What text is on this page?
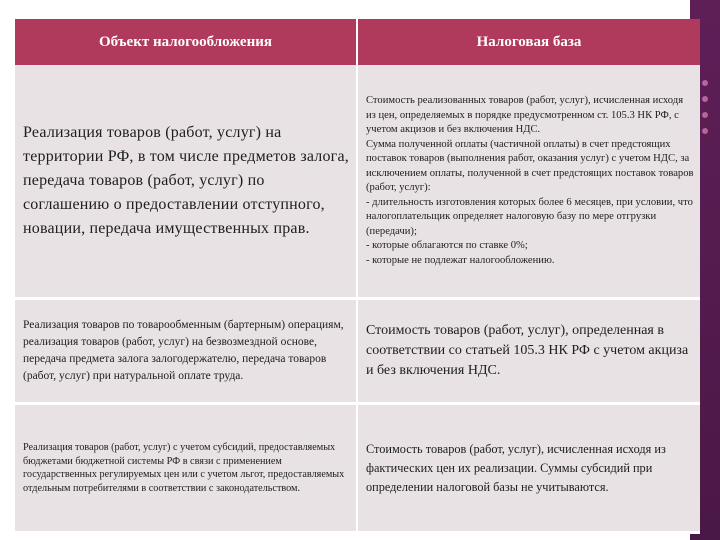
Объект налогообложения	Налоговая база
Реализация товаров (работ, услуг) на территории РФ, в том числе предметов залога, передача товаров (работ, услуг) по соглашению о предоставлении отступного, новации, передача имущественных прав.	Стоимость реализованных товаров (работ, услуг), исчисленная исходя из цен, определяемых в порядке предусмотренном ст. 105.3 НК РФ, с учетом акцизов и без включения НДС.
Сумма полученной оплаты (частичной оплаты) в счет предстоящих поставок товаров (выполнения работ, оказания услуг) с учетом НДС, за исключением оплаты, полученной в счет предстоящих поставок товаров (работ, услуг):
- длительность изготовления которых более 6 месяцев, при условии, что налогоплательщик определяет налоговую базу по мере отгрузки (передачи);
- которые облагаются по ставке 0%;
- которые не подлежат налогообложению.

Реализация товаров по товарообменным (бартерным) операциям, реализация товаров (работ, услуг) на безвозмездной основе, передача предмета залога залогодержателю, передача товаров (работ, услуг) при натуральной оплате труда.	Стоимость товаров (работ, услуг), определенная в соответствии со статьей 105.3 НК РФ с учетом акциза и без включения НДС.

Реализация товаров (работ, услуг) с учетом субсидий, предоставляемых бюджетами бюджетной системы РФ в связи с применением государственных регулируемых цен или с учетом льгот, предоставляемых отдельным потребителями в соответствии с законодательством.	Стоимость товаров (работ, услуг), исчисленная исходя из фактических цен их реализации. Суммы субсидий при определении налоговой базы не учитываются.
